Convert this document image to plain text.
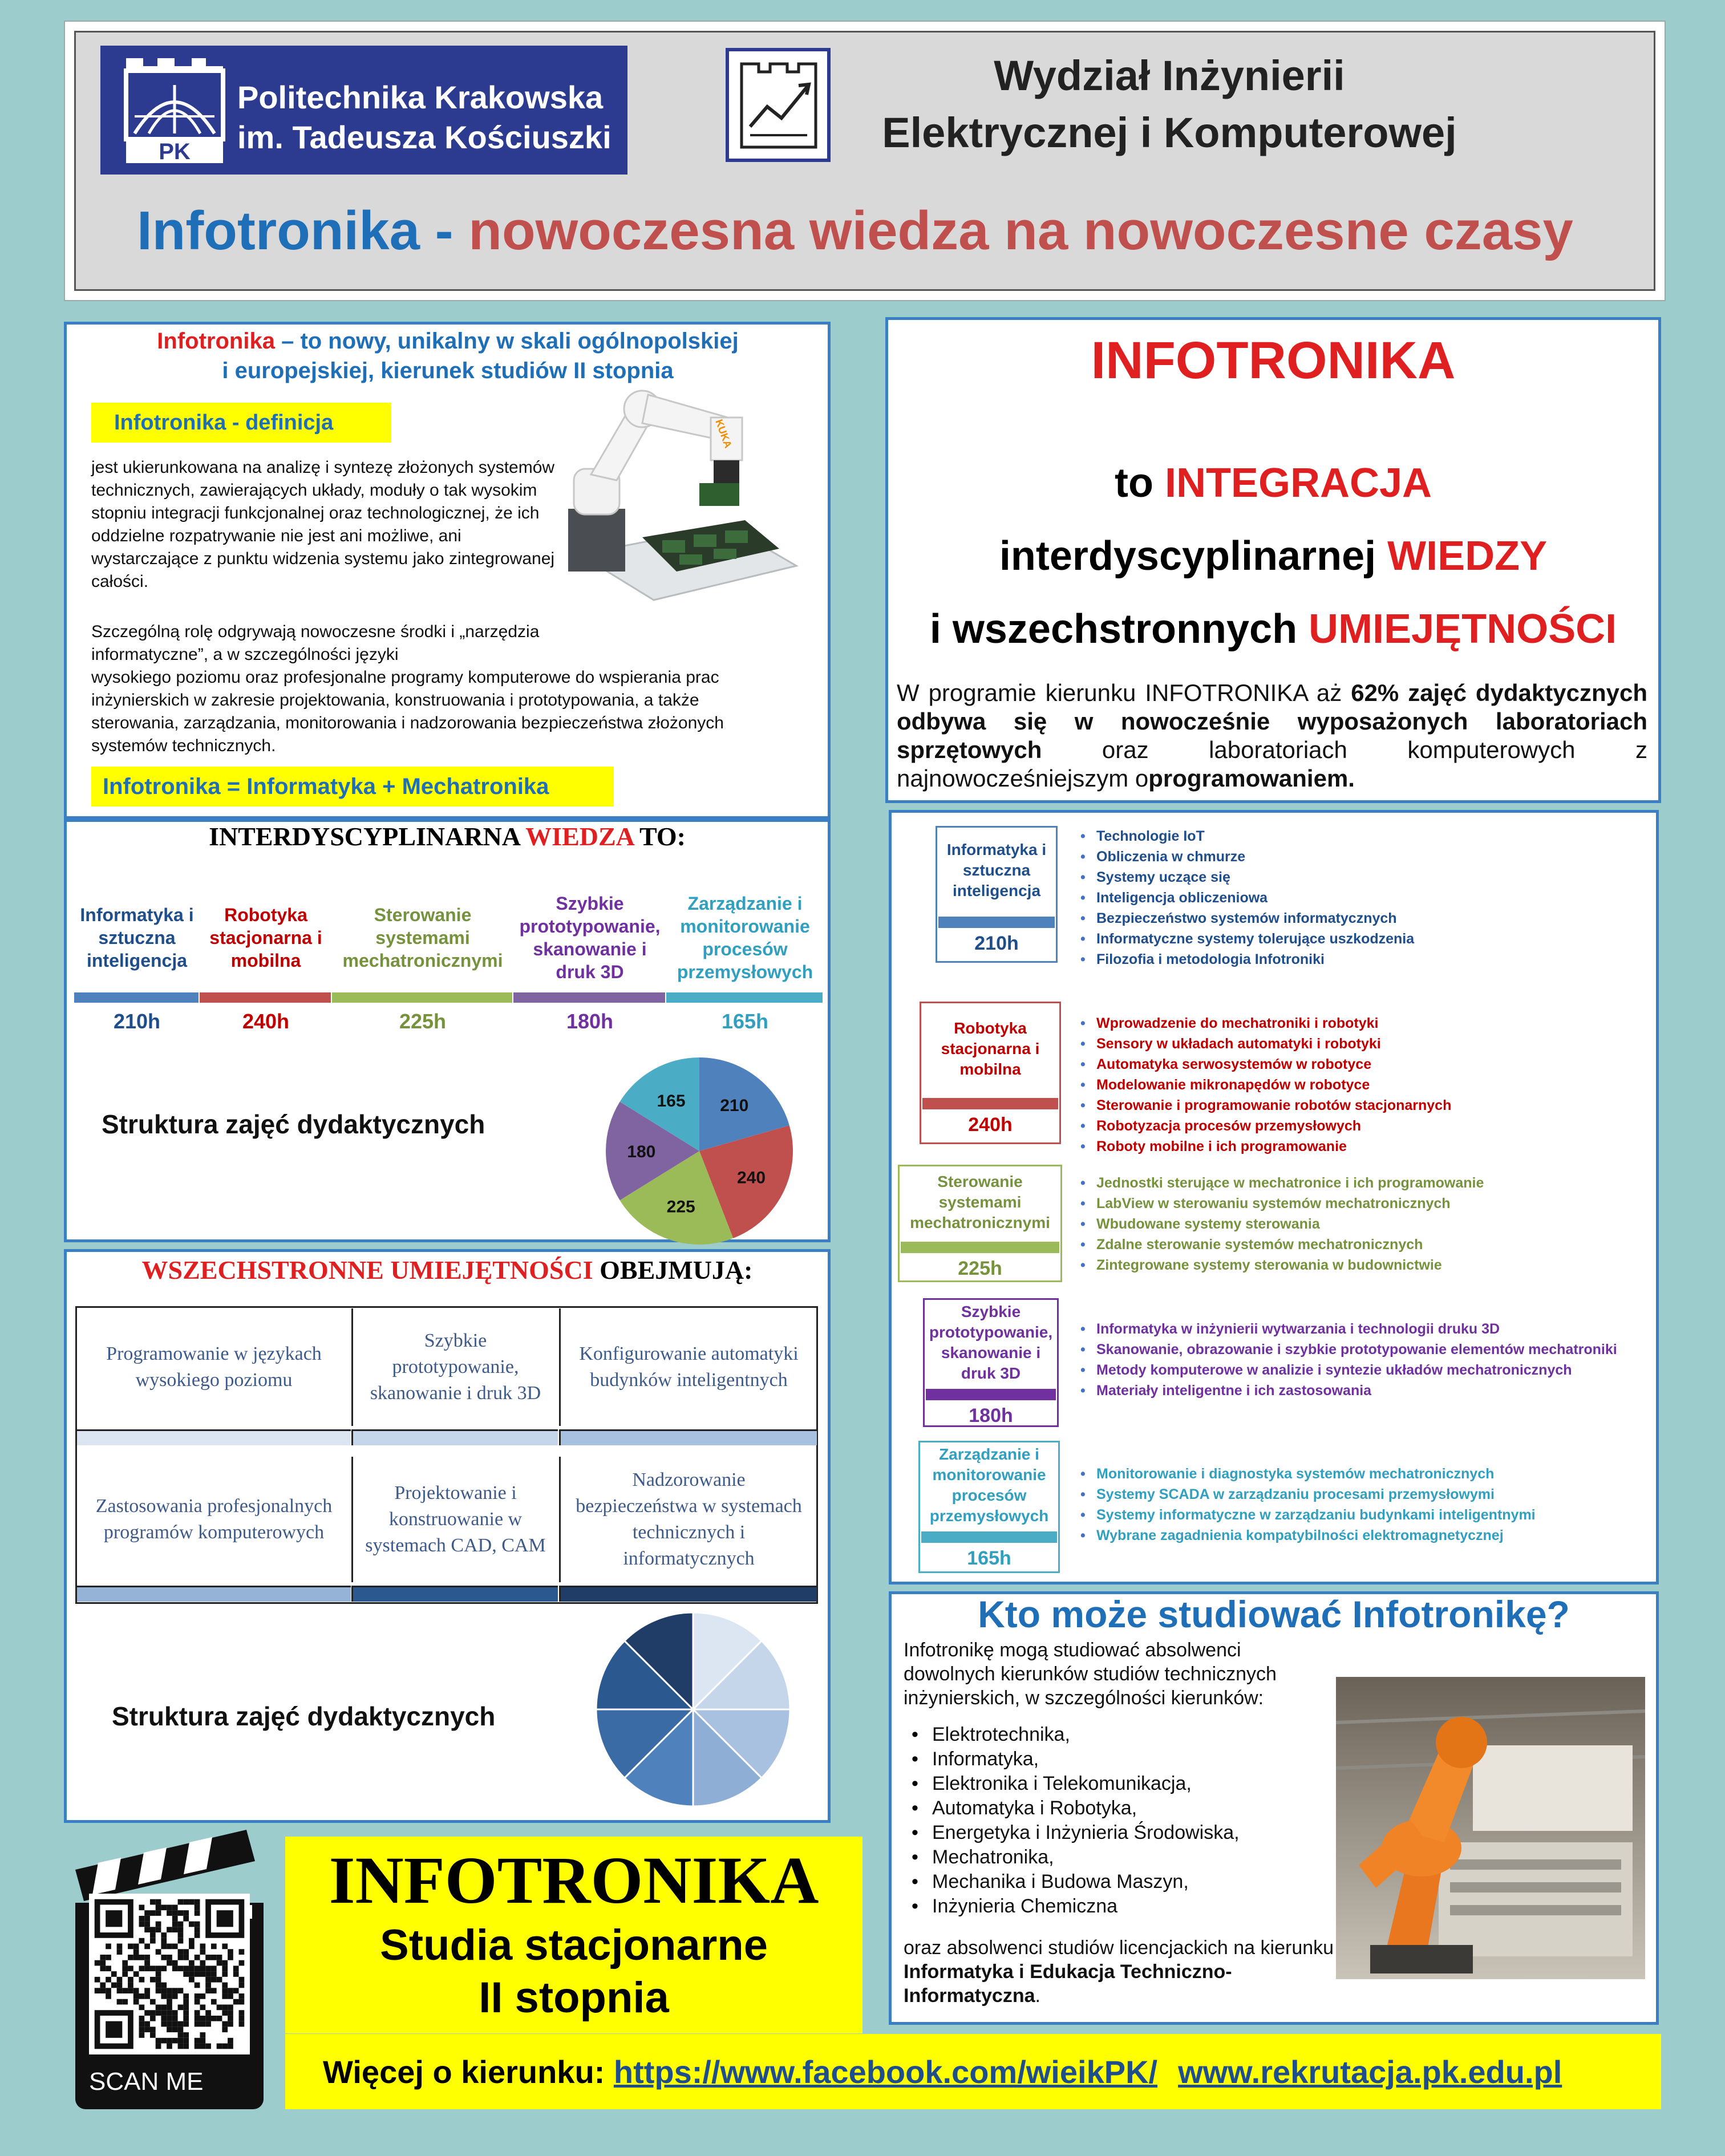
PK
Politechnika Krakowska
im. Tadeusza Kościuszki
Wydział Inżynierii
Elektrycznej i Komputerowej
Infotronika - nowoczesna wiedza na nowoczesne czasy
Infotronika – to nowy, unikalny w skali ogólnopolskiej
i europejskiej, kierunek studiów II stopnia
Infotronika - definicja	KUKA
jest ukierunkowana na analizę i syntezę złożonych systemów technicznych, zawierających układy, moduły o tak wysokim stopniu integracji funkcjonalnej oraz technologicznej, że ich oddzielne rozpatrywanie nie jest ani możliwe, ani wystarczające z punktu widzenia systemu jako zintegrowanej całości.
Szczególną rolę odgrywają nowoczesne środki i „narzędzia informatyczne”, a w szczególności języki
wysokiego poziomu oraz profesjonalne programy komputerowe do wspierania prac inżynierskich w zakresie projektowania, konstruowania i prototypowania, a także sterowania, zarządzania, monitorowania i nadzorowania bezpieczeństwa złożonych systemów technicznych.
Infotronika = Informatyka + Mechatronika
INFOTRONIKA
to INTEGRACJA
interdyscyplinarnej WIEDZY
i wszechstronnych UMIEJĘTNOŚCI
W programie kierunku INFOTRONIKA aż 62% zajęć dydaktycznych odbywa się w nowocześnie wyposażonych laboratoriach sprzętowych oraz laboratoriach komputerowych z najnowocześniejszym oprogramowaniem.
INTERDYSCYPLINARNA WIEDZA TO:
Informatyka i sztuczna inteligencja
210h
Robotyka stacjonarna i mobilna
240h
Sterowanie systemami mechatronicznymi
225h
Szybkie prototypowanie, skanowanie i druk 3D
180h
Zarządzanie i monitorowanie procesów przemysłowych
165h
Struktura zajęć dydaktycznych
210
240
225
180
165
WSZECHSTRONNE UMIEJĘTNOŚCI OBEJMUJĄ:
Programowanie w językach wysokiego poziomu
Szybkie prototypowanie, skanowanie i druk 3D
Konfigurowanie automatyki budynków inteligentnych
Zastosowania profesjonalnych programów komputerowych
Projektowanie i konstruowanie w systemach CAD, CAM
Nadzorowanie bezpieczeństwa w systemach technicznych i informatycznych
Struktura zajęć dydaktycznych
Informatyka i sztuczna inteligencja
210h
• Technologie IoT
• Obliczenia w chmurze
• Systemy uczące się
• Inteligencja obliczeniowa
• Bezpieczeństwo systemów informatycznych
• Informatyczne systemy tolerujące uszkodzenia
• Filozofia i metodologia Infotroniki
Robotyka stacjonarna i mobilna
240h
• Wprowadzenie do mechatroniki i robotyki
• Sensory w układach automatyki i robotyki
• Automatyka serwosystemów w robotyce
• Modelowanie mikronapędów w robotyce
• Sterowanie i programowanie robotów stacjonarnych
• Robotyzacja procesów przemysłowych
• Roboty mobilne i ich programowanie
Sterowanie systemami mechatronicznymi
225h
• Jednostki sterujące w mechatronice i ich programowanie
• LabView w sterowaniu systemów mechatronicznych
• Wbudowane systemy sterowania
• Zdalne sterowanie systemów mechatronicznych
• Zintegrowane systemy sterowania w budownictwie
Szybkie prototypowanie, skanowanie i druk 3D
180h
• Informatyka w inżynierii wytwarzania i technologii druku 3D
• Skanowanie, obrazowanie i szybkie prototypowanie elementów mechatroniki
• Metody komputerowe w analizie i syntezie układów mechatronicznych
• Materiały inteligentne i ich zastosowania
Zarządzanie i monitorowanie procesów przemysłowych
165h
• Monitorowanie i diagnostyka systemów mechatronicznych
• Systemy SCADA w zarządzaniu procesami przemysłowymi
• Systemy informatyczne w zarządzaniu budynkami inteligentnymi
• Wybrane zagadnienia kompatybilności elektromagnetycznej
Kto może studiować Infotronikę?
Infotronikę mogą studiować absolwenci dowolnych kierunków studiów technicznych inżynierskich, w szczególności kierunków:
• Elektrotechnika,
• Informatyka,
• Elektronika i Telekomunikacja,
• Automatyka i Robotyka,
• Energetyka i Inżynieria Środowiska,
• Mechatronika,
• Mechanika i Budowa Maszyn,
• Inżynieria Chemiczna
oraz absolwenci studiów licencjackich na kierunku Informatyka i Edukacja Techniczno-Informatyczna.
SCAN ME
INFOTRONIKA
Studia stacjonarne
II stopnia
Więcej o kierunku: https://www.facebook.com/wieikPK/ www.rekrutacja.pk.edu.pl
